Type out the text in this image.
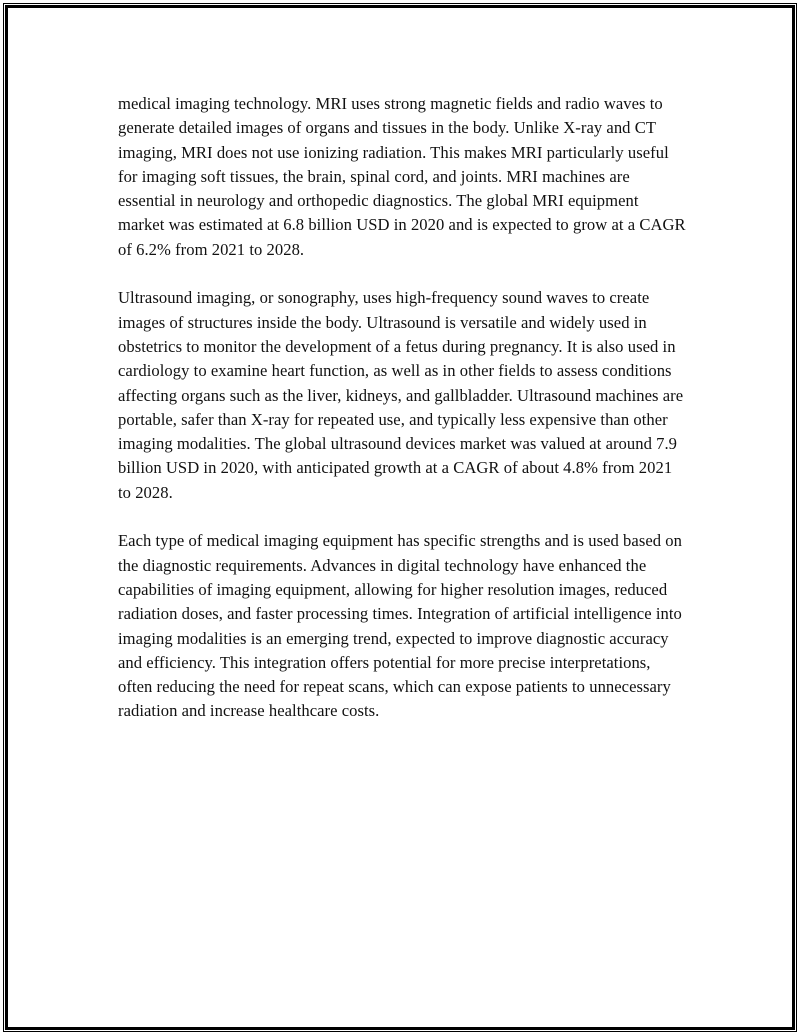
medical imaging technology. MRI uses strong magnetic fields and radio waves to generate detailed images of organs and tissues in the body. Unlike X-ray and CT imaging, MRI does not use ionizing radiation. This makes MRI particularly useful for imaging soft tissues, the brain, spinal cord, and joints. MRI machines are essential in neurology and orthopedic diagnostics. The global MRI equipment market was estimated at 6.8 billion USD in 2020 and is expected to grow at a CAGR of 6.2% from 2021 to 2028.

Ultrasound imaging, or sonography, uses high-frequency sound waves to create images of structures inside the body. Ultrasound is versatile and widely used in obstetrics to monitor the development of a fetus during pregnancy. It is also used in cardiology to examine heart function, as well as in other fields to assess conditions affecting organs such as the liver, kidneys, and gallbladder. Ultrasound machines are portable, safer than X-ray for repeated use, and typically less expensive than other imaging modalities. The global ultrasound devices market was valued at around 7.9 billion USD in 2020, with anticipated growth at a CAGR of about 4.8% from 2021 to 2028.

Each type of medical imaging equipment has specific strengths and is used based on the diagnostic requirements. Advances in digital technology have enhanced the capabilities of imaging equipment, allowing for higher resolution images, reduced radiation doses, and faster processing times. Integration of artificial intelligence into imaging modalities is an emerging trend, expected to improve diagnostic accuracy and efficiency. This integration offers potential for more precise interpretations, often reducing the need for repeat scans, which can expose patients to unnecessary radiation and increase healthcare costs.
